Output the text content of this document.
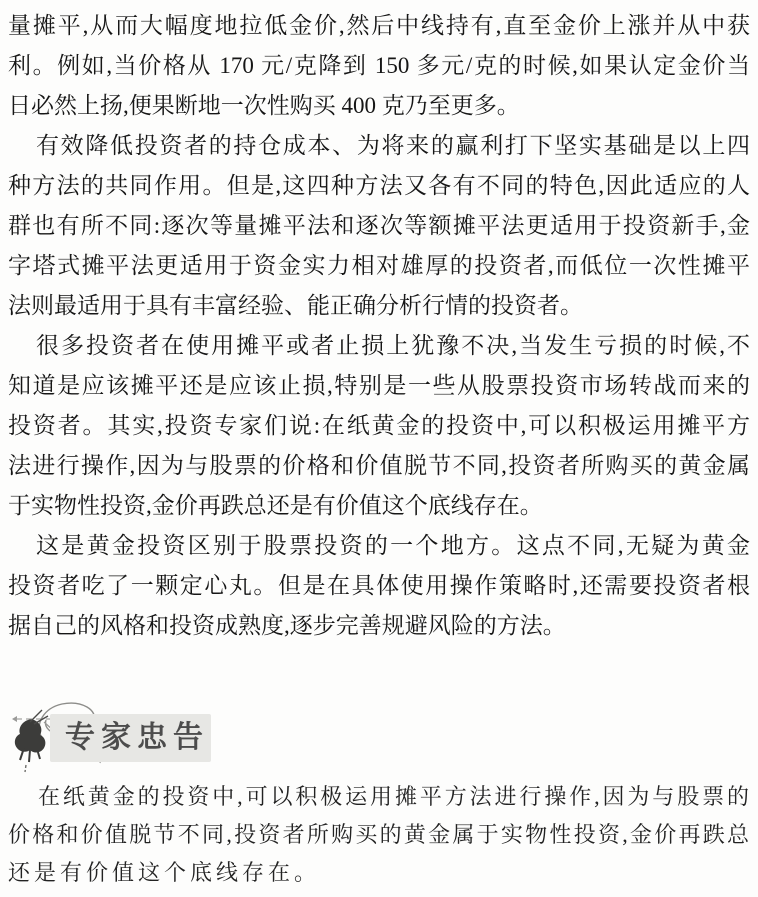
量摊平,从而大幅度地拉低金价,然后中线持有,直至金价上涨并从中获
利。例如,当价格从 170 元/克降到 150 多元/克的时候,如果认定金价当
日必然上扬,便果断地一次性购买 400 克乃至更多。
有效降低投资者的持仓成本、为将来的赢利打下坚实基础是以上四
种方法的共同作用。但是,这四种方法又各有不同的特色,因此适应的人
群也有所不同:逐次等量摊平法和逐次等额摊平法更适用于投资新手,金
字塔式摊平法更适用于资金实力相对雄厚的投资者,而低位一次性摊平
法则最适用于具有丰富经验、能正确分析行情的投资者。
很多投资者在使用摊平或者止损上犹豫不决,当发生亏损的时候,不
知道是应该摊平还是应该止损,特别是一些从股票投资市场转战而来的
投资者。其实,投资专家们说:在纸黄金的投资中,可以积极运用摊平方
法进行操作,因为与股票的价格和价值脱节不同,投资者所购买的黄金属
于实物性投资,金价再跌总还是有价值这个底线存在。
这是黄金投资区别于股票投资的一个地方。这点不同,无疑为黄金
投资者吃了一颗定心丸。但是在具体使用操作策略时,还需要投资者根
据自己的风格和投资成熟度,逐步完善规避风险的方法。
专家忠告
在纸黄金的投资中,可以积极运用摊平方法进行操作,因为与股票的
价格和价值脱节不同,投资者所购买的黄金属于实物性投资,金价再跌总
还是有价值这个底线存在。
